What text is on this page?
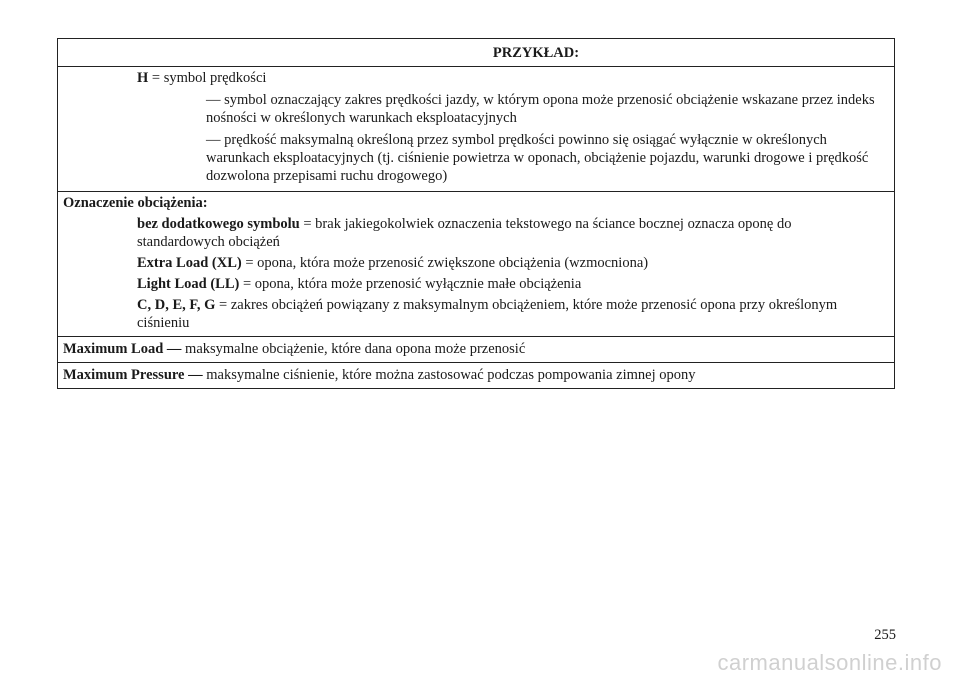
PRZYKŁAD:
H = symbol prędkości
— symbol oznaczający zakres prędkości jazdy, w którym opona może przenosić obciążenie wskazane przez indeks nośności w określonych warunkach eksploatacyjnych
— prędkość maksymalną określoną przez symbol prędkości powinno się osiągać wyłącznie w określonych warunkach eksploatacyjnych (tj. ciśnienie powietrza w oponach, obciążenie pojazdu, warunki drogowe i prędkość dozwolona przepisami ruchu drogowego)
Oznaczenie obciążenia:
bez dodatkowego symbolu = brak jakiegokolwiek oznaczenia tekstowego na ściance bocznej oznacza oponę do standardowych obciążeń
Extra Load (XL) = opona, która może przenosić zwiększone obciążenia (wzmocniona)
Light Load (LL) = opona, która może przenosić wyłącznie małe obciążenia
C, D, E, F, G = zakres obciążeń powiązany z maksymalnym obciążeniem, które może przenosić opona przy określonym ciśnieniu
Maximum Load — maksymalne obciążenie, które dana opona może przenosić
Maximum Pressure — maksymalne ciśnienie, które można zastosować podczas pompowania zimnej opony
255
carmanualsonline.info
